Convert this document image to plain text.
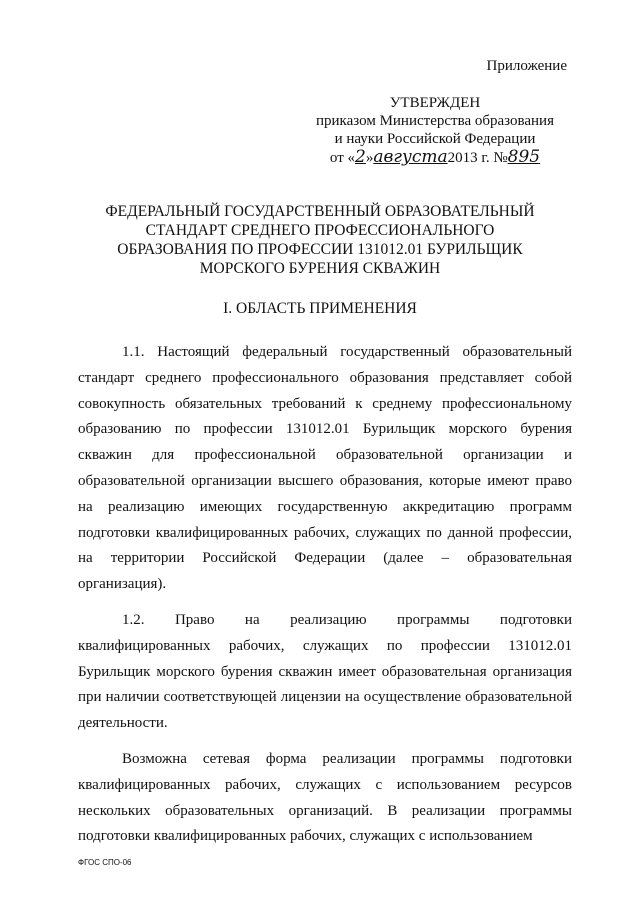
Приложение
УТВЕРЖДЕН
приказом Министерства образования
и науки Российской Федерации
от «2»августа2013 г. №895
ФЕДЕРАЛЬНЫЙ ГОСУДАРСТВЕННЫЙ ОБРАЗОВАТЕЛЬНЫЙ СТАНДАРТ СРЕДНЕГО ПРОФЕССИОНАЛЬНОГО ОБРАЗОВАНИЯ ПО ПРОФЕССИИ 131012.01 БУРИЛЬЩИК МОРСКОГО БУРЕНИЯ СКВАЖИН
I. ОБЛАСТЬ ПРИМЕНЕНИЯ

1.1. Настоящий федеральный государственный образовательный стандарт среднего профессионального образования представляет собой совокупность обязательных требований к среднему профессиональному образованию по профессии 131012.01 Бурильщик морского бурения скважин для профессиональной образовательной организации и образовательной организации высшего образования, которые имеют право на реализацию имеющих государственную аккредитацию программ подготовки квалифицированных рабочих, служащих по данной профессии, на территории Российской Федерации (далее – образовательная организация).

1.2. Право на реализацию программы подготовки квалифицированных рабочих, служащих по профессии 131012.01 Бурильщик морского бурения скважин имеет образовательная организация при наличии соответствующей лицензии на осуществление образовательной деятельности.

Возможна сетевая форма реализации программы подготовки квалифицированных рабочих, служащих с использованием ресурсов нескольких образовательных организаций. В реализации программы подготовки квалифицированных рабочих, служащих с использованием

ФГОС СПО-06
